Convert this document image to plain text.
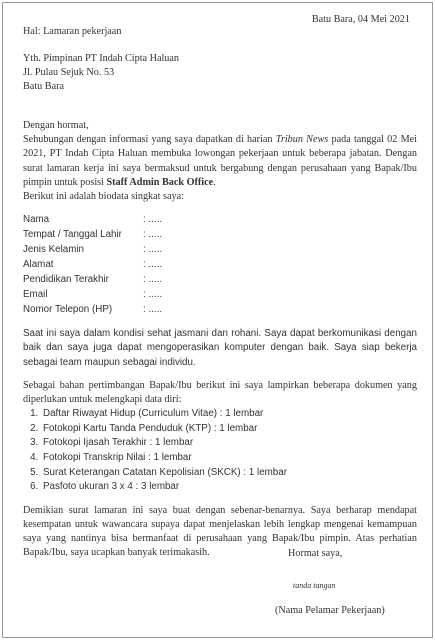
Batu Bara, 04 Mei 2021
Hal: Lamaran pekerjaan
Yth. Pimpinan PT Indah Cipta Haluan
Jl. Pulau Sejuk No. 53
Batu Bara

Dengan hormat,

Sehubungan dengan informasi yang saya dapatkan di harian Tribun News pada tanggal 02 Mei 2021, PT Indah Cipta Haluan membuka lowongan pekerjaan untuk beberapa jabatan. Dengan surat lamaran kerja ini saya bermaksud untuk bergabung dengan perusahaan yang Bapak/Ibu pimpin untuk posisi Staff Admin Back Office.

Berikut ini adalah biodata singkat saya:

Nama	: .....
Tempat / Tanggal Lahir	: .....
Jenis Kelamin	: .....
Alamat	: .....
Pendidikan Terakhir	: .....
Email	: .....
Nomor Telepon (HP)	: .....

Saat ini saya dalam kondisi sehat jasmani dan rohani. Saya dapat berkomunikasi dengan baik dan saya juga dapat mengoperasikan komputer dengan baik. Saya siap bekerja sebagai team maupun sebagai individu.

Sebagai bahan pertimbangan Bapak/Ibu berikut ini saya lampirkan beberapa dokumen yang diperlukan untuk melengkapi data diri:

1. Daftar Riwayat Hidup (Curriculum Vitae) : 1 lembar
2. Fotokopi Kartu Tanda Penduduk (KTP) : 1 lembar
3. Fotokopi Ijasah Terakhir : 1 lembar
4. Fotokopi Transkrip Nilai : 1 lembar
5. Surat Keterangan Catatan Kepolisian (SKCK) : 1 lembar
6. Pasfoto ukuran 3 x 4 : 3 lembar

Demikian surat lamaran ini saya buat dengan sebenar-benarnya. Saya berharap mendapat kesempatan untuk wawancara supaya dapat menjelaskan lebih lengkap mengenai kemampuan saya yang nantinya bisa bermanfaat di perusahaan yang Bapak/Ibu pimpin. Atas perhatian Bapak/Ibu, saya ucapkan banyak terimakasih.	Hormat saya,
tanda tangan
(Nama Pelamar Pekerjaan)
